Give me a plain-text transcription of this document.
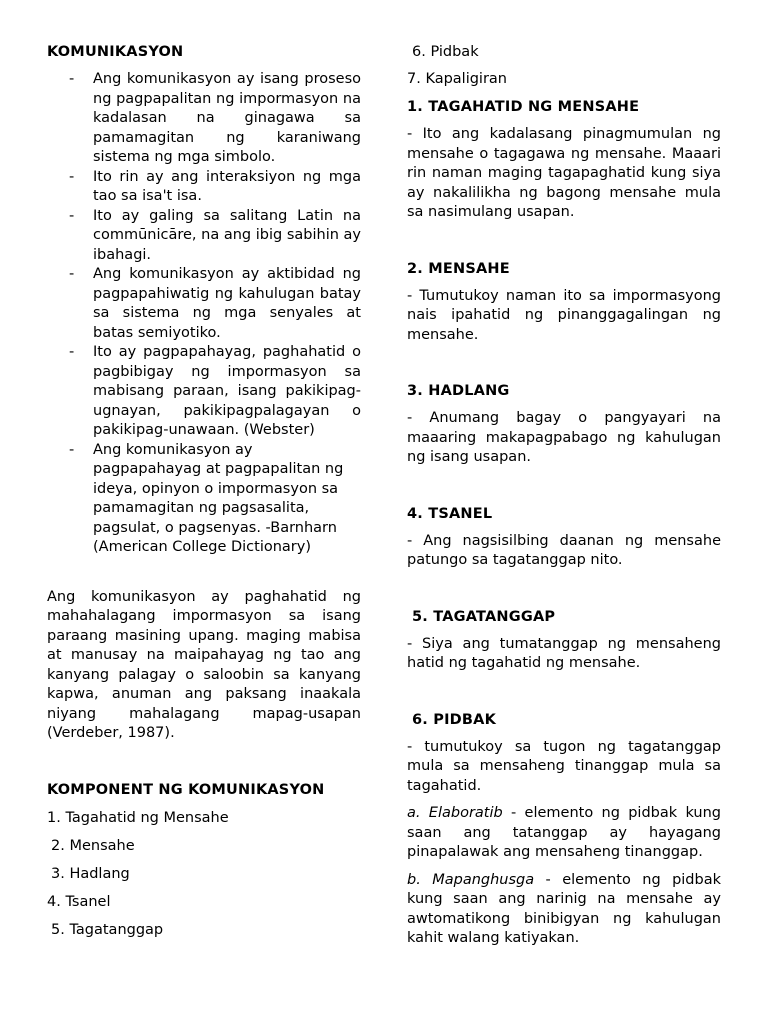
KOMUNIKASYON
- Ang komunikasyon ay isang proseso ng pagpapalitan ng impormasyon na kadalasan na ginagawa sa pamamagitan ng karaniwang sistema ng mga simbolo.
- Ito rin ay ang interaksiyon ng mga tao sa isa't isa.
- Ito ay galing sa salitang Latin na commūnicāre, na ang ibig sabihin ay ibahagi.
- Ang komunikasyon ay aktibidad ng pagpapahiwatig ng kahulugan batay sa sistema ng mga senyales at batas semiyotiko.
- Ito ay pagpapahayag, paghahatid o pagbibigay ng impormasyon sa mabisang paraan, isang pakikipag- ugnayan, pakikipagpalagayan o pakikipag-unawaan. (Webster)
- Ang komunikasyon ay pagpapahayag at pagpapalitan ng ideya, opinyon o impormasyon sa pamamagitan ng pagsasalita, pagsulat, o pagsenyas. -Barnharn (American College Dictionary)

Ang komunikasyon ay paghahatid ng mahahalagang impormasyon sa isang paraang masining upang. maging mabisa at manusay na maipahayag ng tao ang kanyang palagay o saloobin sa kanyang kapwa, anuman ang paksang inaakala niyang mahalagang mapag-usapan (Verdeber, 1987).

KOMPONENT NG KOMUNIKASYON

1. Tagahatid ng Mensahe

2. Mensahe

3. Hadlang

4. Tsanel

5. Tagatanggap

6. Pidbak

7. Kapaligiran

1. TAGAHATID NG MENSAHE

- Ito ang kadalasang pinagmumulan ng mensahe o tagagawa ng mensahe. Maaari rin naman maging tagapaghatid kung siya ay nakalilikha ng bagong mensahe mula sa nasimulang usapan.

2. MENSAHE

- Tumutukoy naman ito sa impormasyong nais ipahatid ng pinanggagalingan ng mensahe.

3. HADLANG

- Anumang bagay o pangyayari na maaaring makapagpabago ng kahulugan ng isang usapan.

4. TSANEL

- Ang nagsisilbing daanan ng mensahe patungo sa tagatanggap nito.

5. TAGATANGGAP

- Siya ang tumatanggap ng mensaheng hatid ng tagahatid ng mensahe.

6. PIDBAK

- tumutukoy sa tugon ng tagatanggap mula sa mensaheng tinanggap mula sa tagahatid.

a. Elaboratib - elemento ng pidbak kung saan ang tatanggap ay hayagang pinapalawak ang mensaheng tinanggap.

b. Mapanghusga - elemento ng pidbak kung saan ang narinig na mensahe ay awtomatikong binibigyan ng kahulugan kahit walang katiyakan.
